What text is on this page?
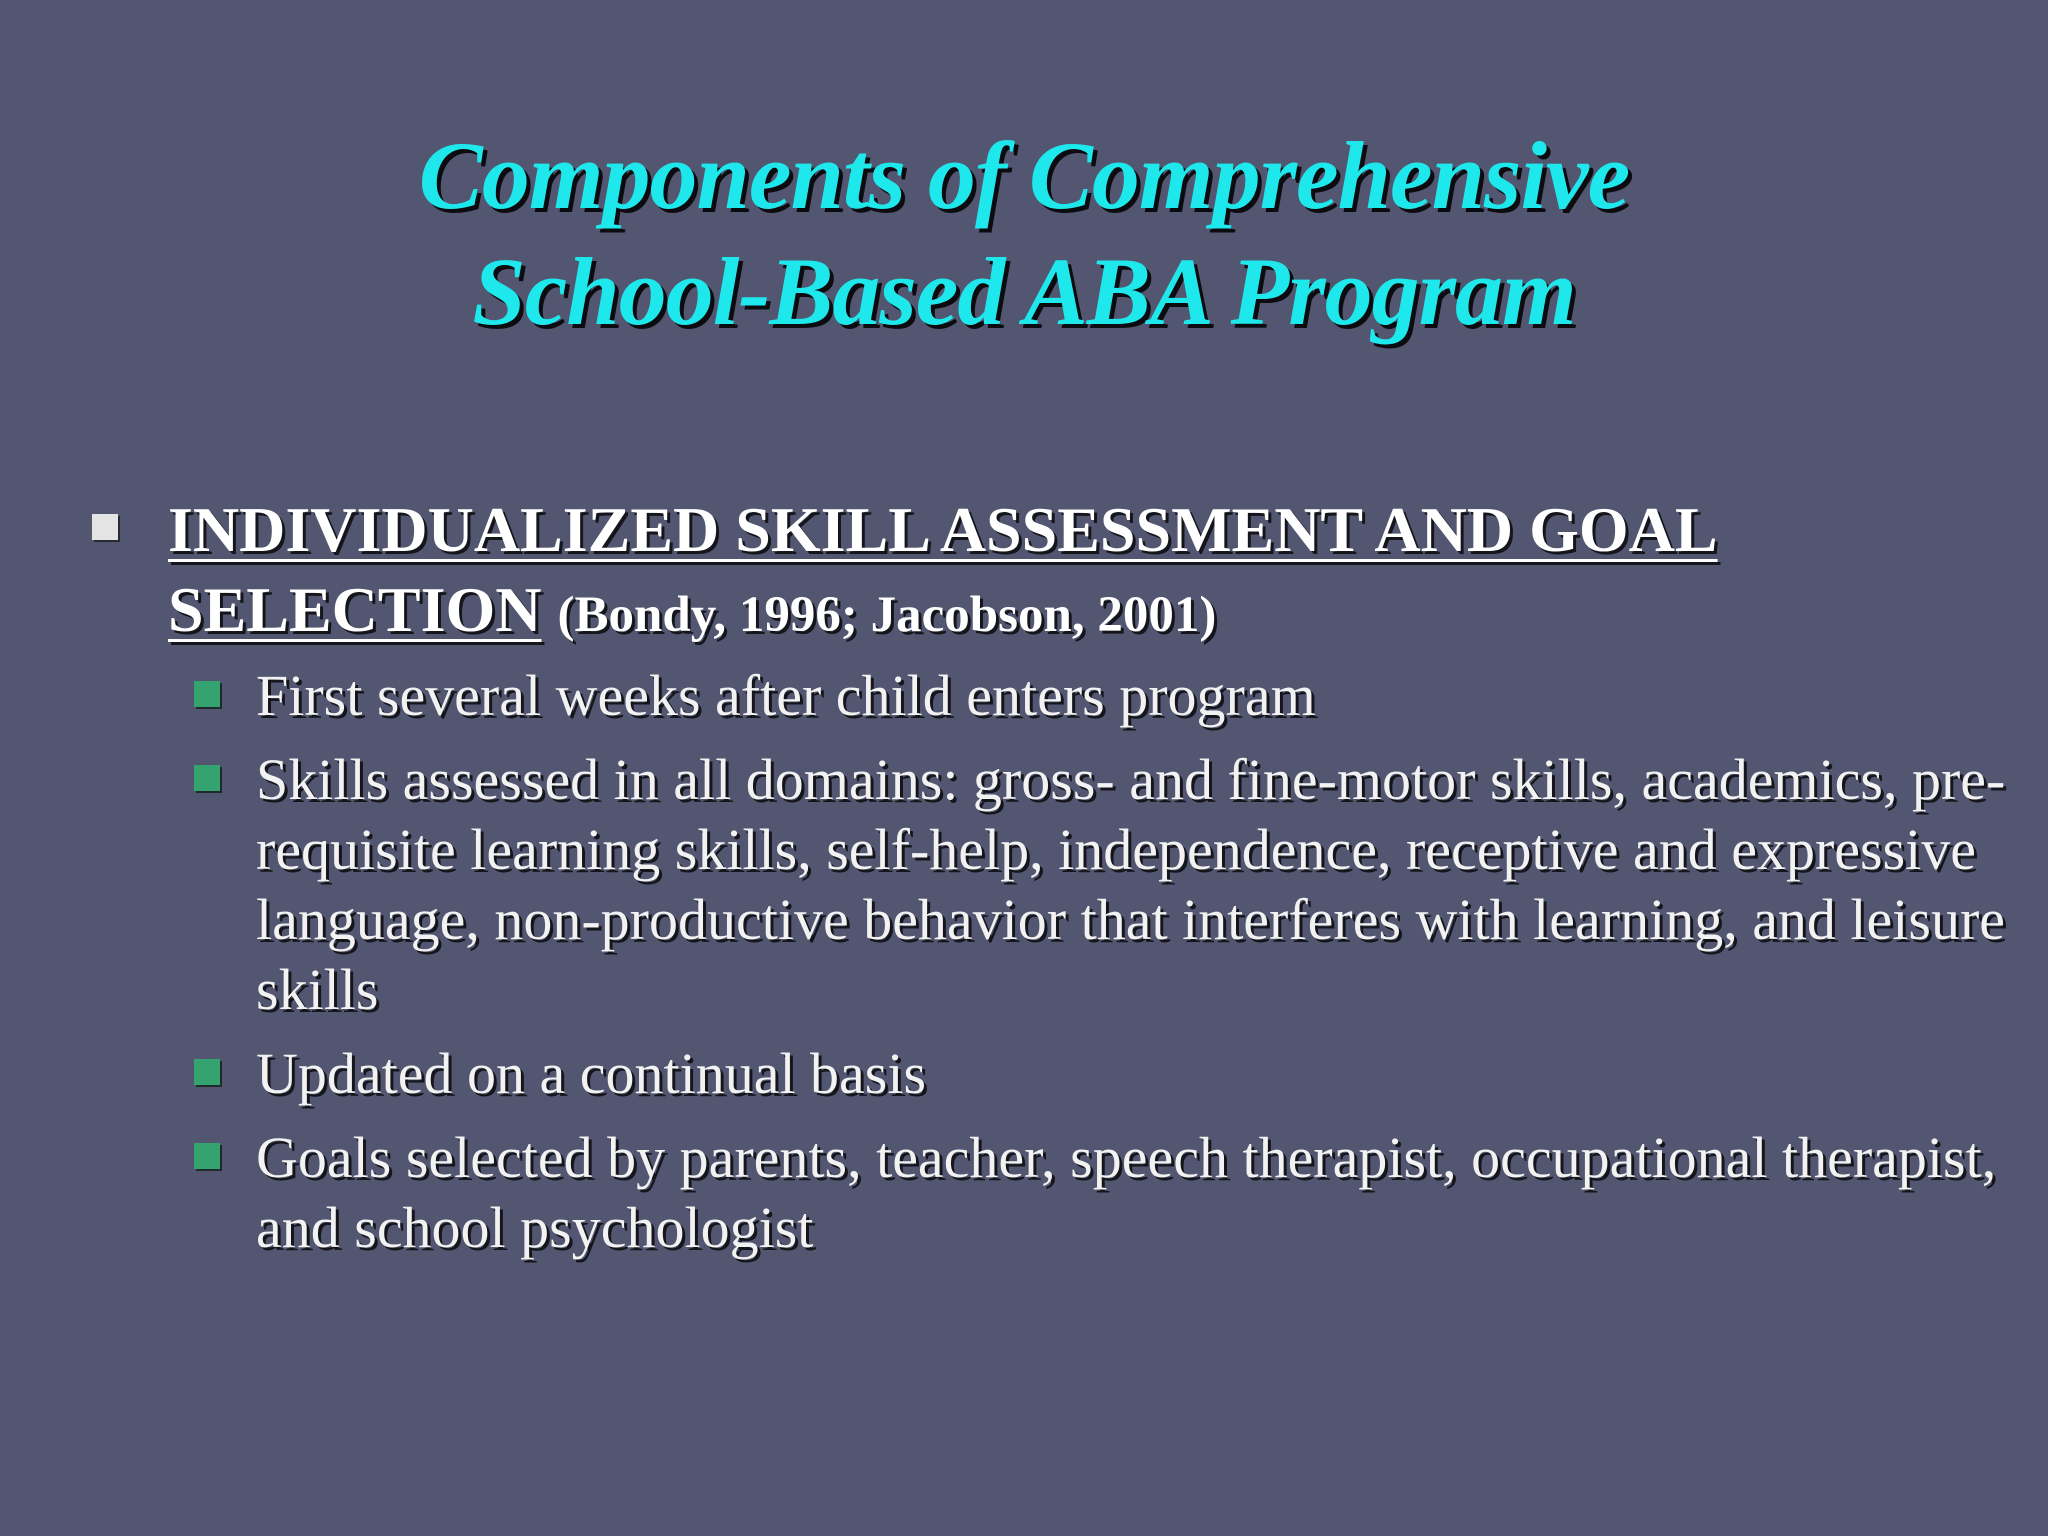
Components of Comprehensive
School-Based ABA Program

INDIVIDUALIZED SKILL ASSESSMENT AND GOAL
SELECTION (Bondy, 1996; Jacobson, 2001)

First several weeks after child enters program
Skills assessed in all domains: gross- and fine-motor skills, academics, pre-requisite learning skills, self-help, independence, receptive and expressive language, non-productive behavior that interferes with learning, and leisure skills
Updated on a continual basis
Goals selected by parents, teacher, speech therapist, occupational therapist, and school psychologist
